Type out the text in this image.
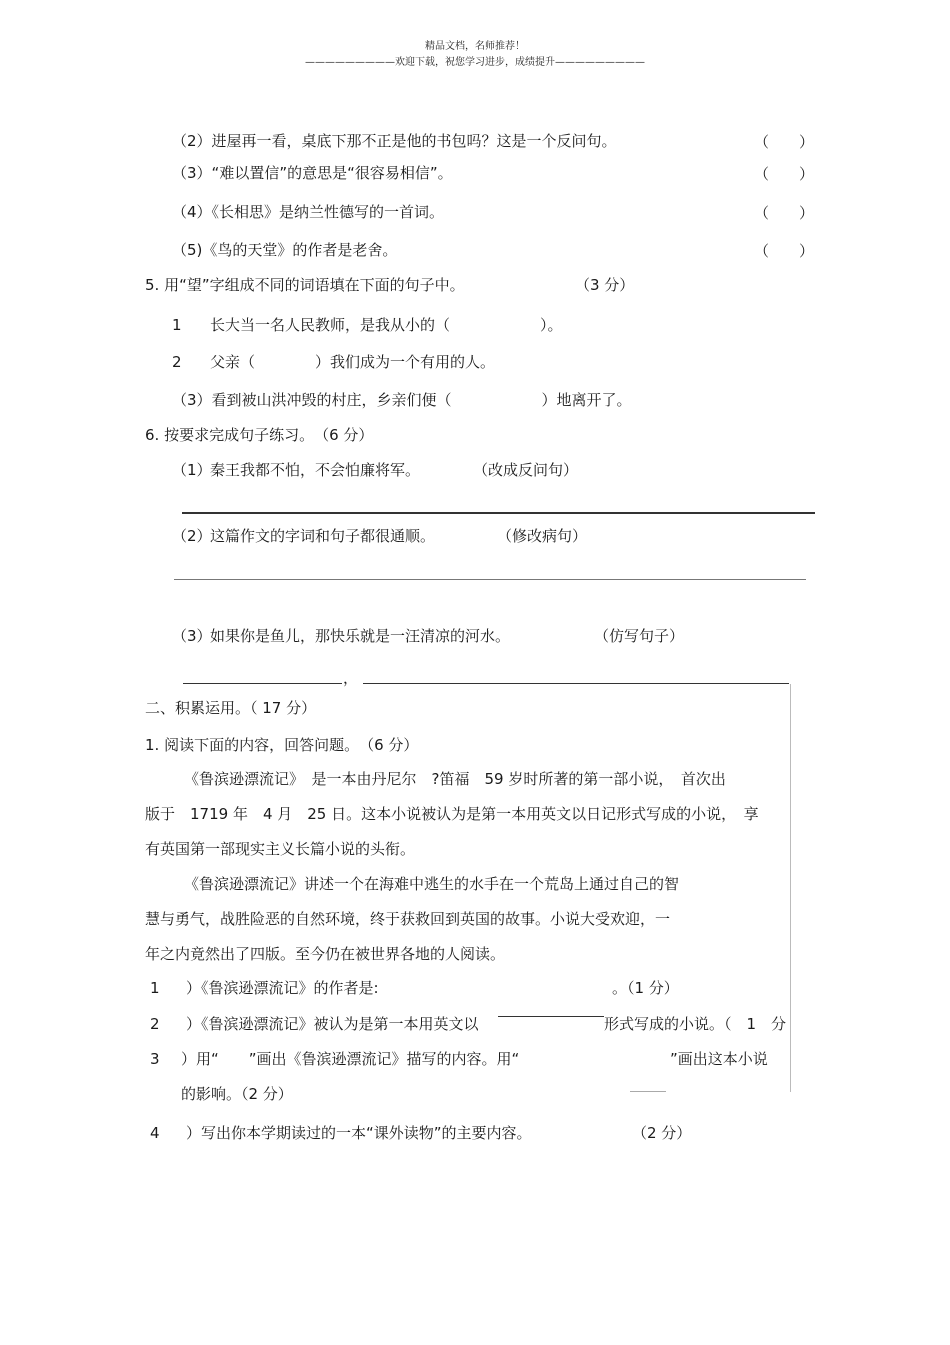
精品文档，名师推荐！
—————————欢迎下载，祝您学习进步，成绩提升—————————
（2）进屋再一看，桌底下那不正是他的书包吗？这是一个反问句。	（　　）
（3）“难以置信”的意思是“很容易相信”。	（　　）
（4）《长相思》是纳兰性德写的一首词。	（　　）
（5)《鸟的天堂》的作者是老舍。	（　　）
5. 用“望”字组成不同的词语填在下面的句子中。	（3 分）
1 长大当一名人民教师，是我从小的（　　　　　　）。
2 父亲（　　　　）我们成为一个有用的人。
（3）看到被山洪冲毁的村庄，乡亲们便（　　　　　　）地离开了。
6. 按要求完成句子练习。　（6 分）
（1）
秦王我都不怕，不会怕廉将军。	（改成反问句）
（2）
这篇作文的字词和句子都很通顺。	（修改病句）
（3）
如果你是鱼儿，那快乐就是一汪清凉的河水。	（仿写句子）
，
二、积累运用。（ 17 分）
1. 阅读下面的内容，回答问题。　（6 分）
《鲁滨逊漂流记》　是一本由丹尼尔　?笛福　59 岁时所著的第一部小说，　首次出
版于　1719 年　4 月　25 日。这本小说被认为是第一本用英文以日记形式写成的小说，　享
有英国第一部现实主义长篇小说的头衔。
《鲁滨逊漂流记》讲述一个在海难中逃生的水手在一个荒岛上通过自己的智
慧与勇气，战胜险恶的自然环境，终于获救回到英国的故事。小说大受欢迎，一
年之内竟然出了四版。至今仍在被世界各地的人阅读。
1 ）《鲁滨逊漂流记》的作者是:	。（1 分）
2 ）《鲁滨逊漂流记》被认为是第一本用英文以	形式写成的小说。（　1　分
3 ）用“　　”画出《鲁滨逊漂流记》描写的内容。用“	”画出这本小说
的影响。（2 分）
4 ）写出你本学期读过的一本“课外读物”的主要内容。	（2 分）
